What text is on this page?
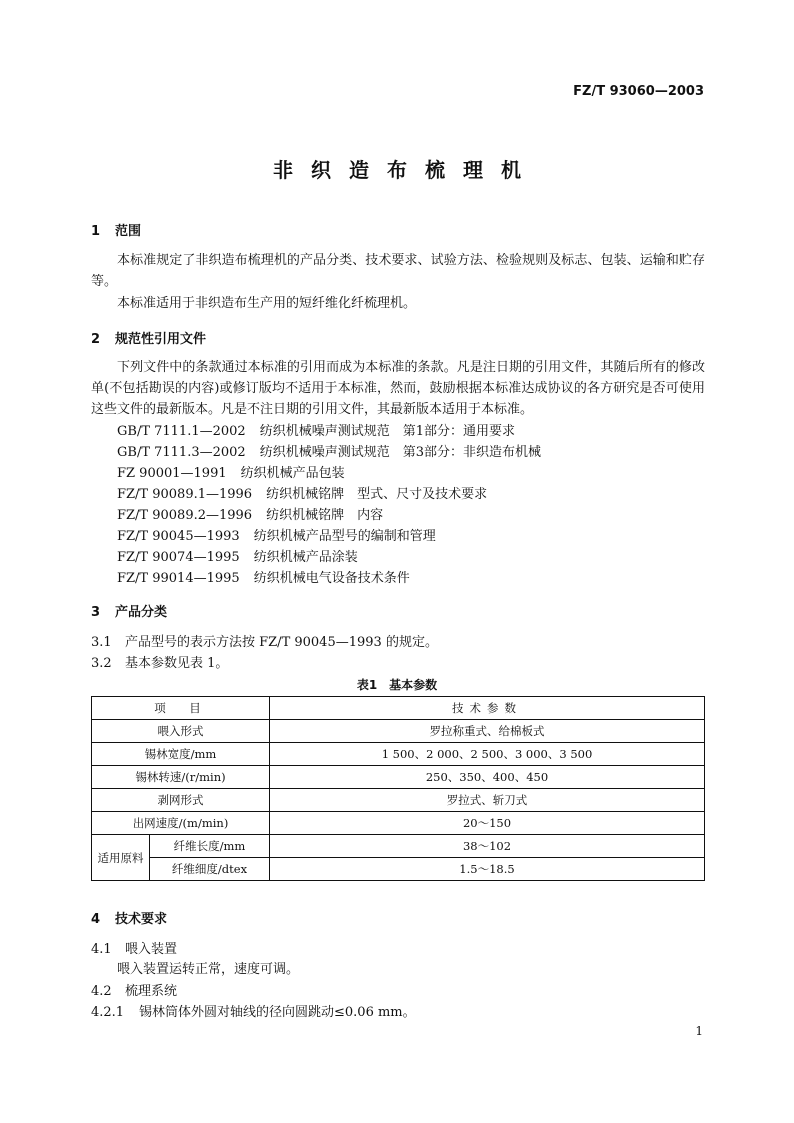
FZ/T 93060—2003
非织造布梳理机
1 范围
本标准规定了非织造布梳理机的产品分类、技术要求、试验方法、检验规则及标志、包装、运输和贮存等。
本标准适用于非织造布生产用的短纤维化纤梳理机。
2 规范性引用文件
下列文件中的条款通过本标准的引用而成为本标准的条款。凡是注日期的引用文件，其随后所有的修改单(不包括勘误的内容)或修订版均不适用于本标准，然而，鼓励根据本标准达成协议的各方研究是否可使用这些文件的最新版本。凡是不注日期的引用文件，其最新版本适用于本标准。
GB/T 7111.1—2002 纺织机械噪声测试规范　第1部分：通用要求
GB/T 7111.3—2002 纺织机械噪声测试规范　第3部分：非织造布机械
FZ 90001—1991 纺织机械产品包装
FZ/T 90089.1—1996 纺织机械铭牌　型式、尺寸及技术要求
FZ/T 90089.2—1996 纺织机械铭牌　内容
FZ/T 90045—1993 纺织机械产品型号的编制和管理
FZ/T 90074—1995 纺织机械产品涂装
FZ/T 99014—1995 纺织机械电气设备技术条件
3 产品分类
3.1 产品型号的表示方法按 FZ/T 90045—1993 的规定。
3.2 基本参数见表 1。
表1　基本参数
项　目		技术参数
喂入形式		罗拉称重式、给棉板式
锡林宽度/mm		1 500、2 000、2 500、3 000、3 500
锡林转速/(r/min)		250、350、400、450
剥网形式		罗拉式、斩刀式
出网速度/(m/min)		20～150
适用原料	纤维长度/mm	38～102
	纤维细度/dtex	1.5～18.5
4 技术要求
4.1 喂入装置
喂入装置运转正常，速度可调。
4.2 梳理系统
4.2.1 锡林筒体外圆对轴线的径向圆跳动≤0.06 mm。
1
